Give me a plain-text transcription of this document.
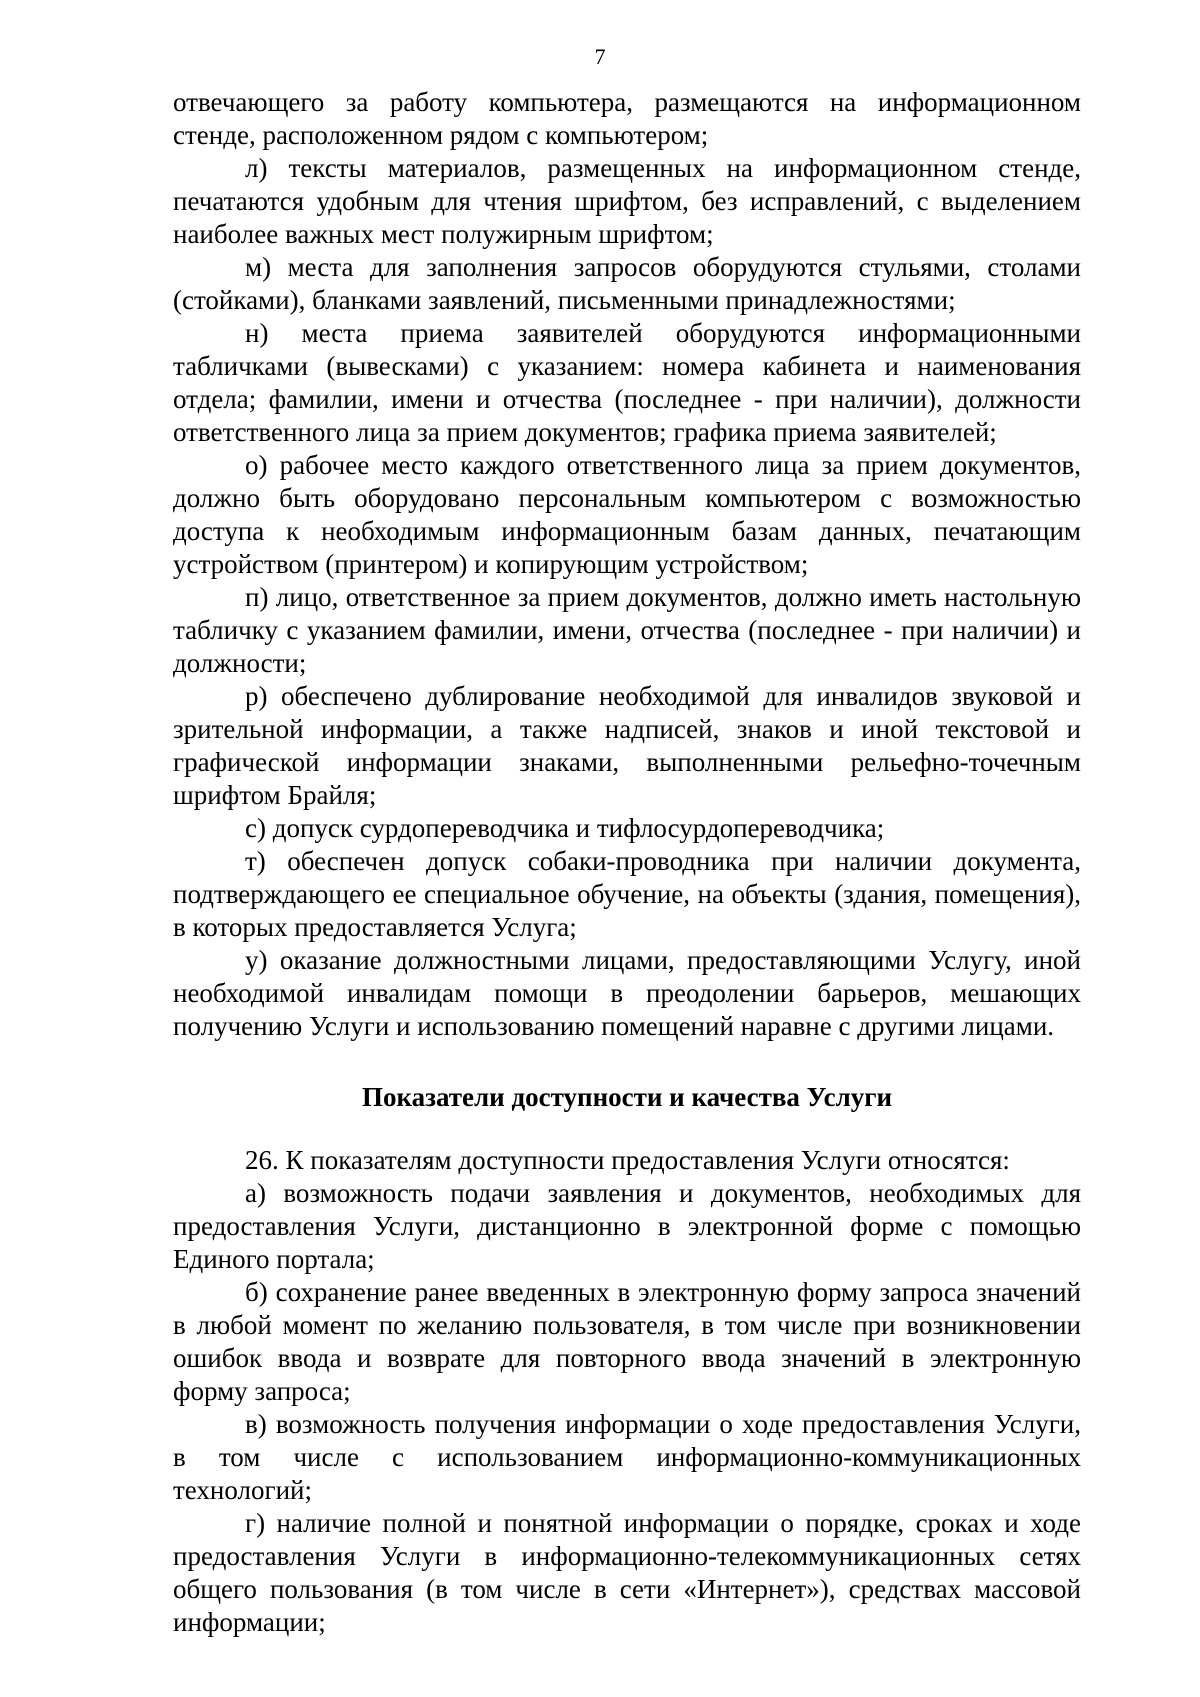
7

отвечающего за работу компьютера, размещаются на информационном стенде, расположенном рядом с компьютером;

л) тексты материалов, размещенных на информационном стенде, печатаются удобным для чтения шрифтом, без исправлений, с выделением наиболее важных мест полужирным шрифтом;

м) места для заполнения запросов оборудуются стульями, столами (стойками), бланками заявлений, письменными принадлежностями;

н) места приема заявителей оборудуются информационными табличками (вывесками) с указанием: номера кабинета и наименования отдела; фамилии, имени и отчества (последнее - при наличии), должности ответственного лица за прием документов; графика приема заявителей;

о) рабочее место каждого ответственного лица за прием документов, должно быть оборудовано персональным компьютером с возможностью доступа к необходимым информационным базам данных, печатающим устройством (принтером) и копирующим устройством;

п) лицо, ответственное за прием документов, должно иметь настольную табличку с указанием фамилии, имени, отчества (последнее - при наличии) и должности;

р) обеспечено дублирование необходимой для инвалидов звуковой и зрительной информации, а также надписей, знаков и иной текстовой и графической информации знаками, выполненными рельефно-точечным шрифтом Брайля;

с) допуск сурдопереводчика и тифлосурдопереводчика;

т) обеспечен допуск собаки-проводника при наличии документа, подтверждающего ее специальное обучение, на объекты (здания, помещения), в которых предоставляется Услуга;

у) оказание должностными лицами, предоставляющими Услугу, иной необходимой инвалидам помощи в преодолении барьеров, мешающих получению Услуги и использованию помещений наравне с другими лицами.

Показатели доступности и качества Услуги

26. К показателям доступности предоставления Услуги относятся:

а) возможность подачи заявления и документов, необходимых для предоставления Услуги, дистанционно в электронной форме с помощью Единого портала;

б) сохранение ранее введенных в электронную форму запроса значений в любой момент по желанию пользователя, в том числе при возникновении ошибок ввода и возврате для повторного ввода значений в электронную форму запроса;

в) возможность получения информации о ходе предоставления Услуги, в том числе с использованием информационно-коммуникационных технологий;

г) наличие полной и понятной информации о порядке, сроках и ходе предоставления Услуги в информационно-телекоммуникационных сетях общего пользования (в том числе в сети «Интернет»), средствах массовой информации;
